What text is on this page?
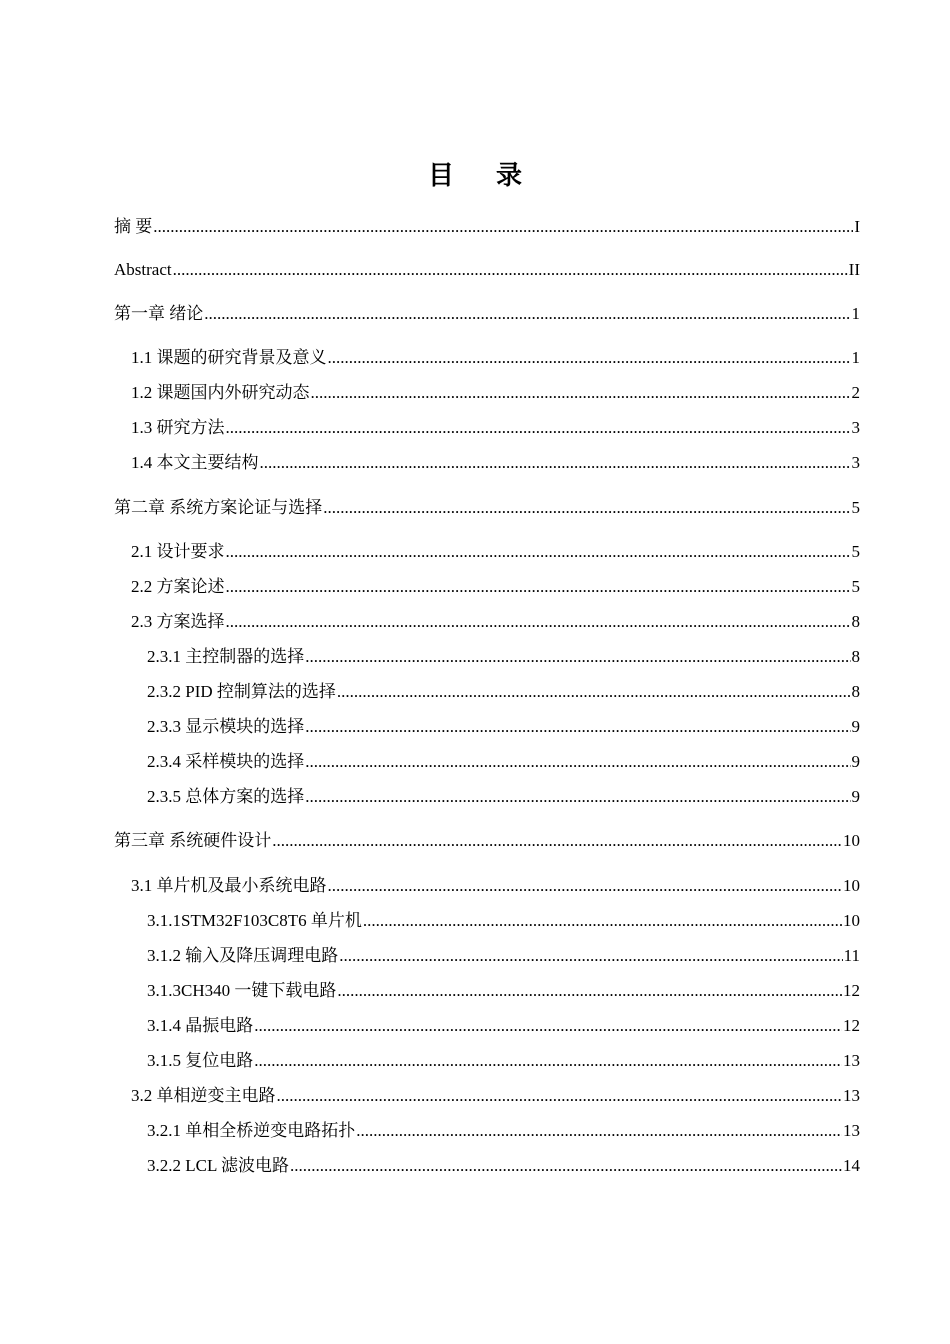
目录
摘 要 .....	I
Abstract .....	II
第一章 绪论 .....	1
1.1 课题的研究背景及意义 .....	1
1.2 课题国内外研究动态 .....	2
1.3 研究方法 .....	3
1.4 本文主要结构 .....	3
第二章 系统方案论证与选择 .....	5
2.1 设计要求 .....	5
2.2 方案论述 .....	5
2.3 方案选择 .....	8
2.3.1 主控制器的选择 .....	8
2.3.2 PID 控制算法的选择 .....	8
2.3.3 显示模块的选择 .....	9
2.3.4 采样模块的选择 .....	9
2.3.5 总体方案的选择 .....	9
第三章 系统硬件设计 .....	10
3.1 单片机及最小系统电路 .....	10
3.1.1STM32F103C8T6 单片机 .....	10
3.1.2 输入及降压调理电路 .....	11
3.1.3CH340 一键下载电路 .....	12
3.1.4 晶振电路 .....	12
3.1.5 复位电路 .....	13
3.2 单相逆变主电路 .....	13
3.2.1 单相全桥逆变电路拓扑 .....	13
3.2.2 LCL 滤波电路 .....	14
